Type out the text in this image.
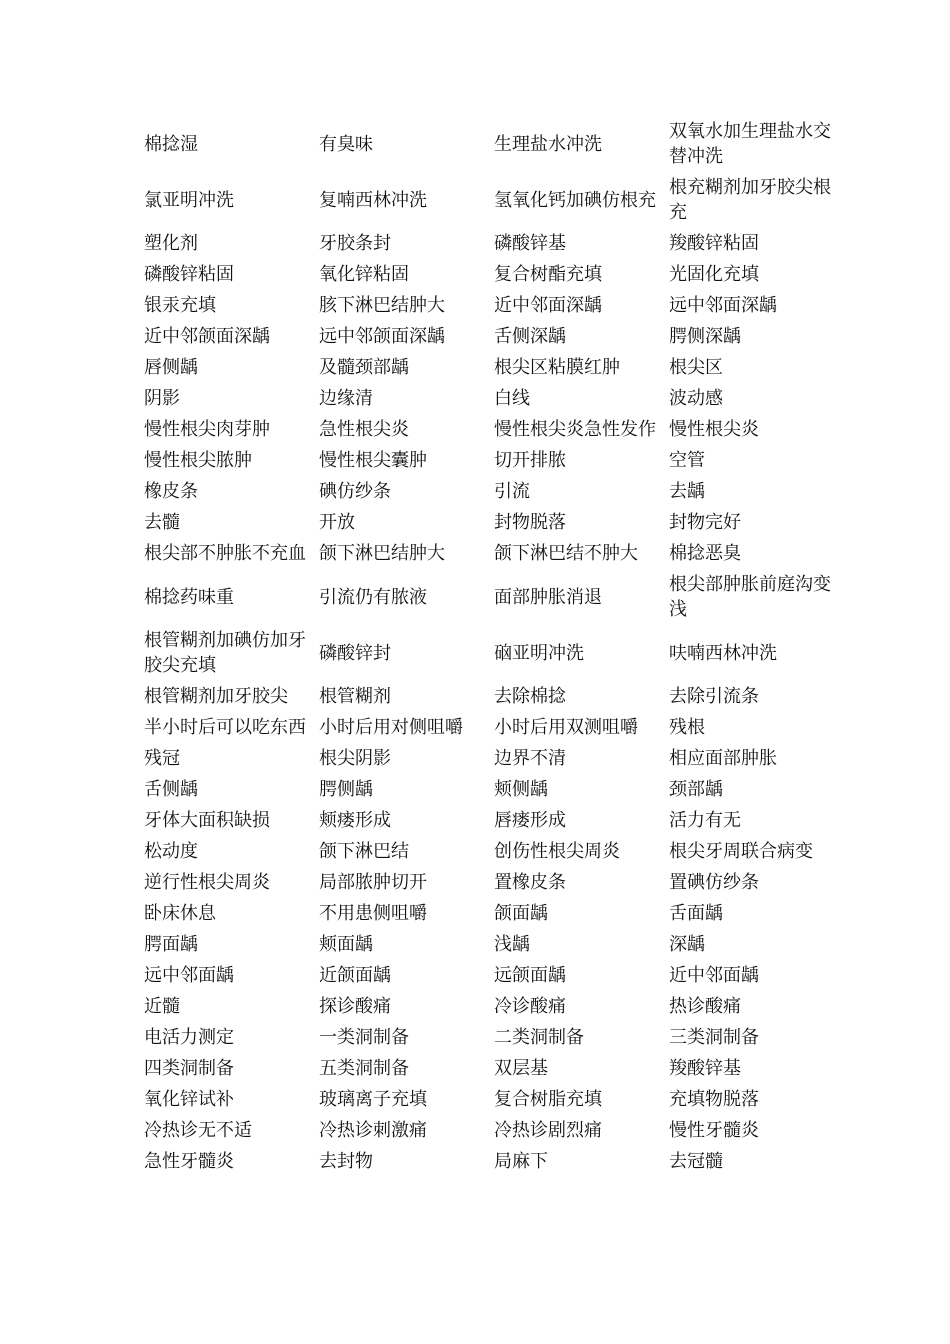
棉捻湿	有臭味	生理盐水冲洗	双氧水加生理盐水交替冲洗
氯亚明冲洗	复喃西林冲洗	氢氧化钙加碘仿根充	根充糊剂加牙胶尖根充
塑化剂	牙胶条封	磷酸锌基	羧酸锌粘固
磷酸锌粘固	氧化锌粘固	复合树酯充填	光固化充填
银汞充填	胲下淋巴结肿大	近中邻面深龋	远中邻面深龋
近中邻颌面深龋	远中邻颌面深龋	舌侧深龋	腭侧深龋
唇侧龋	及髓颈部龋	根尖区粘膜红肿	根尖区
阴影	边缘清	白线	波动感
慢性根尖肉芽肿	急性根尖炎	慢性根尖炎急性发作	慢性根尖炎
慢性根尖脓肿	慢性根尖囊肿	切开排脓	空管
橡皮条	碘仿纱条	引流	去龋
去髓	开放	封物脱落	封物完好
根尖部不肿胀不充血	颌下淋巴结肿大	颌下淋巴结不肿大	棉捻恶臭
棉捻药味重	引流仍有脓液	面部肿胀消退	根尖部肿胀前庭沟变浅
根管糊剂加碘仿加牙胶尖充填	磷酸锌封	硇亚明冲洗	呋喃西林冲洗
根管糊剂加牙胶尖	根管糊剂	去除棉捻	去除引流条
半小时后可以吃东西	小时后用对侧咀嚼	小时后用双测咀嚼	残根
残冠	根尖阴影	边界不清	相应面部肿胀
舌侧龋	腭侧龋	颊侧龋	颈部龋
牙体大面积缺损	颊瘘形成	唇瘘形成	活力有无
松动度	颌下淋巴结	创伤性根尖周炎	根尖牙周联合病变
逆行性根尖周炎	局部脓肿切开	置橡皮条	置碘仿纱条
卧床休息	不用患侧咀嚼	颌面龋	舌面龋
腭面龋	颊面龋	浅龋	深龋
远中邻面龋	近颌面龋	远颌面龋	近中邻面龋
近髓	探诊酸痛	冷诊酸痛	热诊酸痛
电活力测定	一类洞制备	二类洞制备	三类洞制备
四类洞制备	五类洞制备	双层基	羧酸锌基
氧化锌试补	玻璃离子充填	复合树脂充填	充填物脱落
冷热诊无不适	冷热诊刺激痛	冷热诊剧烈痛	慢性牙髓炎
急性牙髓炎	去封物	局麻下	去冠髓
